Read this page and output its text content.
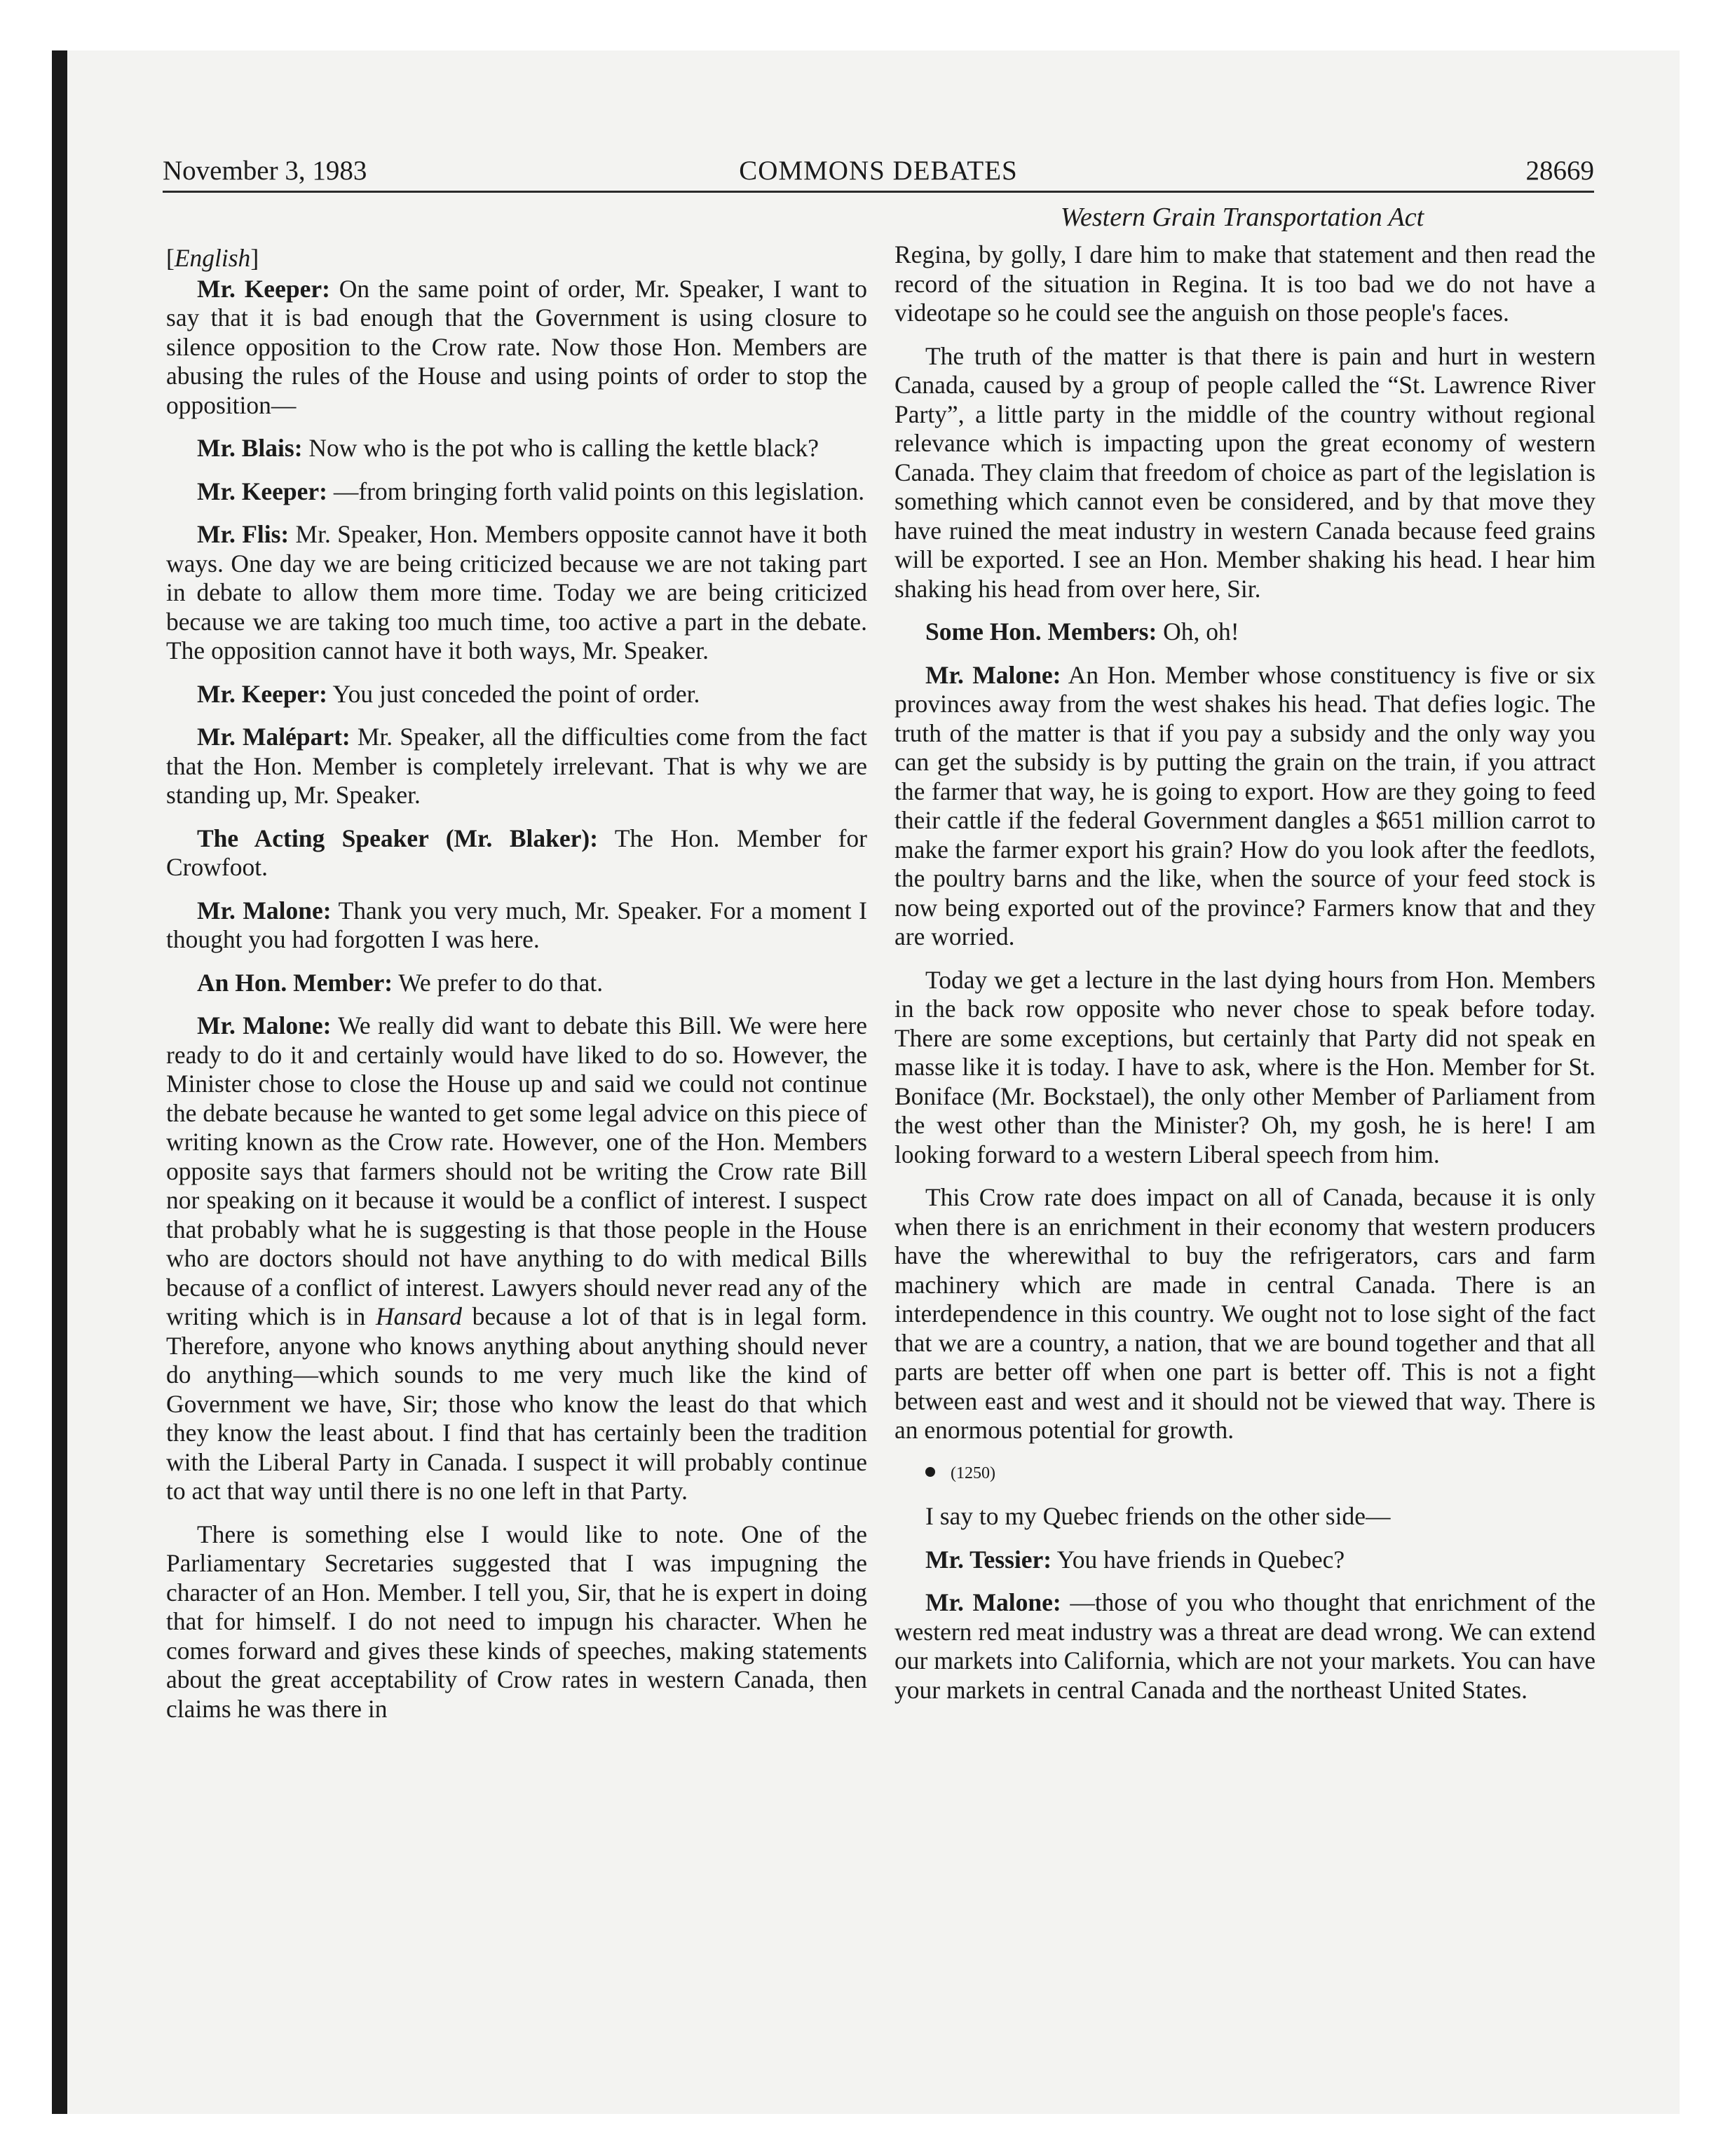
November 3, 1983	COMMONS DEBATES	28669
Western Grain Transportation Act

[English]

Mr. Keeper: On the same point of order, Mr. Speaker, I want to say that it is bad enough that the Government is using closure to silence opposition to the Crow rate. Now those Hon. Members are abusing the rules of the House and using points of order to stop the opposition—

Mr. Blais: Now who is the pot who is calling the kettle black?

Mr. Keeper: —from bringing forth valid points on this legislation.

Mr. Flis: Mr. Speaker, Hon. Members opposite cannot have it both ways. One day we are being criticized because we are not taking part in debate to allow them more time. Today we are being criticized because we are taking too much time, too active a part in the debate. The opposition cannot have it both ways, Mr. Speaker.

Mr. Keeper: You just conceded the point of order.

Mr. Malépart: Mr. Speaker, all the difficulties come from the fact that the Hon. Member is completely irrelevant. That is why we are standing up, Mr. Speaker.

The Acting Speaker (Mr. Blaker): The Hon. Member for Crowfoot.

Mr. Malone: Thank you very much, Mr. Speaker. For a moment I thought you had forgotten I was here.

An Hon. Member: We prefer to do that.

Mr. Malone: We really did want to debate this Bill. We were here ready to do it and certainly would have liked to do so. However, the Minister chose to close the House up and said we could not continue the debate because he wanted to get some legal advice on this piece of writing known as the Crow rate. However, one of the Hon. Members opposite says that farmers should not be writing the Crow rate Bill nor speaking on it because it would be a conflict of interest. I suspect that probably what he is suggesting is that those people in the House who are doctors should not have anything to do with medical Bills because of a conflict of interest. Lawyers should never read any of the writing which is in Hansard because a lot of that is in legal form. Therefore, anyone who knows anything about anything should never do anything—which sounds to me very much like the kind of Government we have, Sir; those who know the least do that which they know the least about. I find that has certainly been the tradition with the Liberal Party in Canada. I suspect it will probably continue to act that way until there is no one left in that Party.

There is something else I would like to note. One of the Parliamentary Secretaries suggested that I was impugning the character of an Hon. Member. I tell you, Sir, that he is expert in doing that for himself. I do not need to impugn his character. When he comes forward and gives these kinds of speeches, making statements about the great acceptability of Crow rates in western Canada, then claims he was there in

Regina, by golly, I dare him to make that statement and then read the record of the situation in Regina. It is too bad we do not have a videotape so he could see the anguish on those people's faces.

The truth of the matter is that there is pain and hurt in western Canada, caused by a group of people called the “St. Lawrence River Party”, a little party in the middle of the country without regional relevance which is impacting upon the great economy of western Canada. They claim that freedom of choice as part of the legislation is something which cannot even be considered, and by that move they have ruined the meat industry in western Canada because feed grains will be exported. I see an Hon. Member shaking his head. I hear him shaking his head from over here, Sir.

Some Hon. Members: Oh, oh!

Mr. Malone: An Hon. Member whose constituency is five or six provinces away from the west shakes his head. That defies logic. The truth of the matter is that if you pay a subsidy and the only way you can get the subsidy is by putting the grain on the train, if you attract the farmer that way, he is going to export. How are they going to feed their cattle if the federal Government dangles a $651 million carrot to make the farmer export his grain? How do you look after the feedlots, the poultry barns and the like, when the source of your feed stock is now being exported out of the province? Farmers know that and they are worried.

Today we get a lecture in the last dying hours from Hon. Members in the back row opposite who never chose to speak before today. There are some exceptions, but certainly that Party did not speak en masse like it is today. I have to ask, where is the Hon. Member for St. Boniface (Mr. Bockstael), the only other Member of Parliament from the west other than the Minister? Oh, my gosh, he is here! I am looking forward to a western Liberal speech from him.

This Crow rate does impact on all of Canada, because it is only when there is an enrichment in their economy that western producers have the wherewithal to buy the refrigerators, cars and farm machinery which are made in central Canada. There is an interdependence in this country. We ought not to lose sight of the fact that we are a country, a nation, that we are bound together and that all parts are better off when one part is better off. This is not a fight between east and west and it should not be viewed that way. There is an enormous potential for growth.

(1250)

I say to my Quebec friends on the other side—

Mr. Tessier: You have friends in Quebec?

Mr. Malone: —those of you who thought that enrichment of the western red meat industry was a threat are dead wrong. We can extend our markets into California, which are not your markets. You can have your markets in central Canada and the northeast United States.
